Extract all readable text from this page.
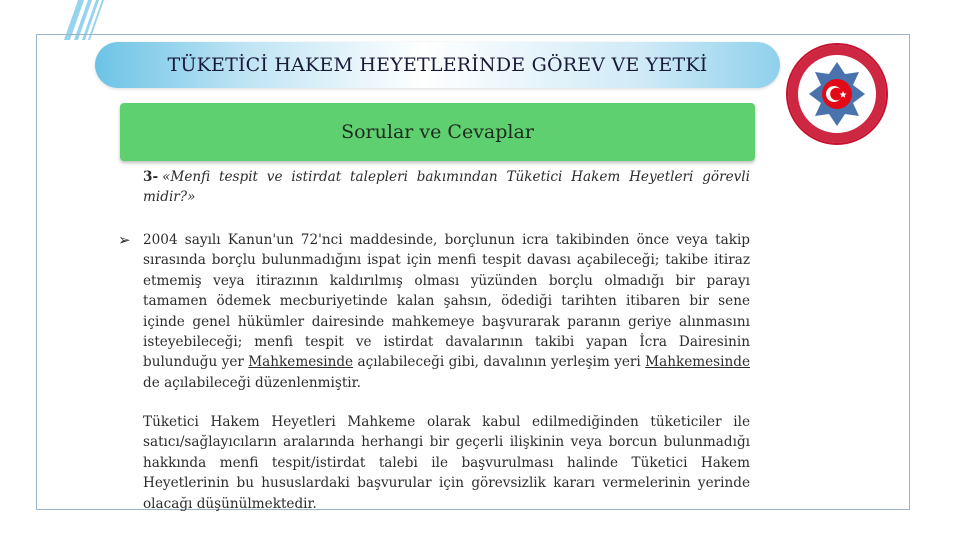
TÜKETİCİ HAKEM HEYETLERİNDE GÖREV VE YETKİ
Sorular ve Cevaplar
3- «Menfi tespit ve istirdat talepleri bakımından Tüketici Hakem Heyetleri görevli midir?»
➢ 2004 sayılı Kanun'un 72'nci maddesinde, borçlunun icra takibinden önce veya takip sırasında borçlu bulunmadığını ispat için menfi tespit davası açabileceği; takibe itiraz etmemiş veya itirazının kaldırılmış olması yüzünden borçlu olmadığı bir parayı tamamen ödemek mecburiyetinde kalan şahsın, ödediği tarihten itibaren bir sene içinde genel hükümler dairesinde mahkemeye başvurarak paranın geriye alınmasını isteyebileceği; menfi tespit ve istirdat davalarının takibi yapan İcra Dairesinin bulunduğu yer Mahkemesinde açılabileceği gibi, davalının yerleşim yeri Mahkemesinde de açılabileceği düzenlenmiştir.
Tüketici Hakem Heyetleri Mahkeme olarak kabul edilmediğinden tüketiciler ile satıcı/sağlayıcıların aralarında herhangi bir geçerli ilişkinin veya borcun bulunmadığı hakkında menfi tespit/istirdat talebi ile başvurulması halinde Tüketici Hakem Heyetlerinin bu hususlardaki başvurular için görevsizlik kararı vermelerinin yerinde olacağı düşünülmektedir.
